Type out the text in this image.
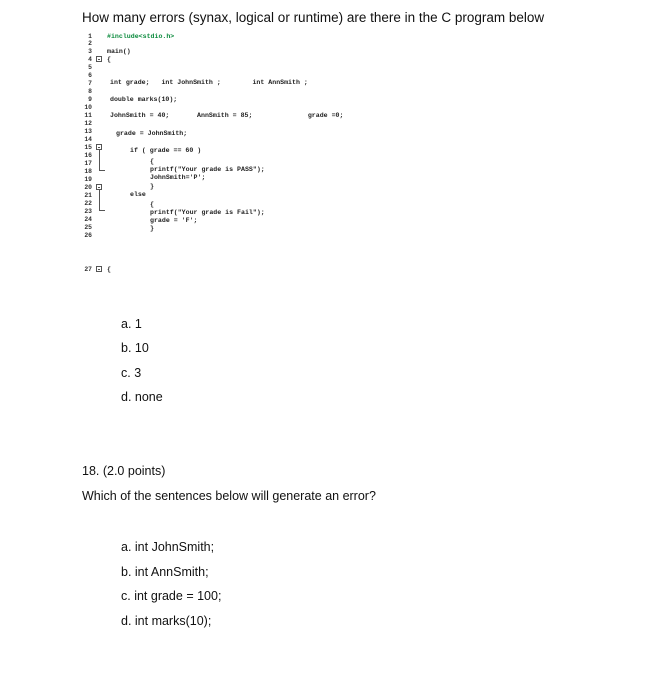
How many errors (synax, logical or runtime) are there in the C program below
1
2
3
4
5
6
7
8
9
10
11
12
13
14
15
16
17
18
19
20
21
22
23
24
25
26
27
#include<stdio.h>
main()
{
int grade;   int JohnSmith ;        int AnnSmith ;
double marks(10);
JohnSmith = 40;       AnnSmith = 85;              grade =0;
grade = JohnSmith;
if ( grade == 60 )
{
printf("Your grade is PASS");
JohnSmith='P';
}
else
{
printf("Your grade is Fail");
grade = 'F';
}
{
a. 1
b. 10
c. 3
d. none
18. (2.0 points)
Which of the sentences below will generate an error?
a. int JohnSmith;
b. int AnnSmith;
c. int grade = 100;
d. int marks(10);
